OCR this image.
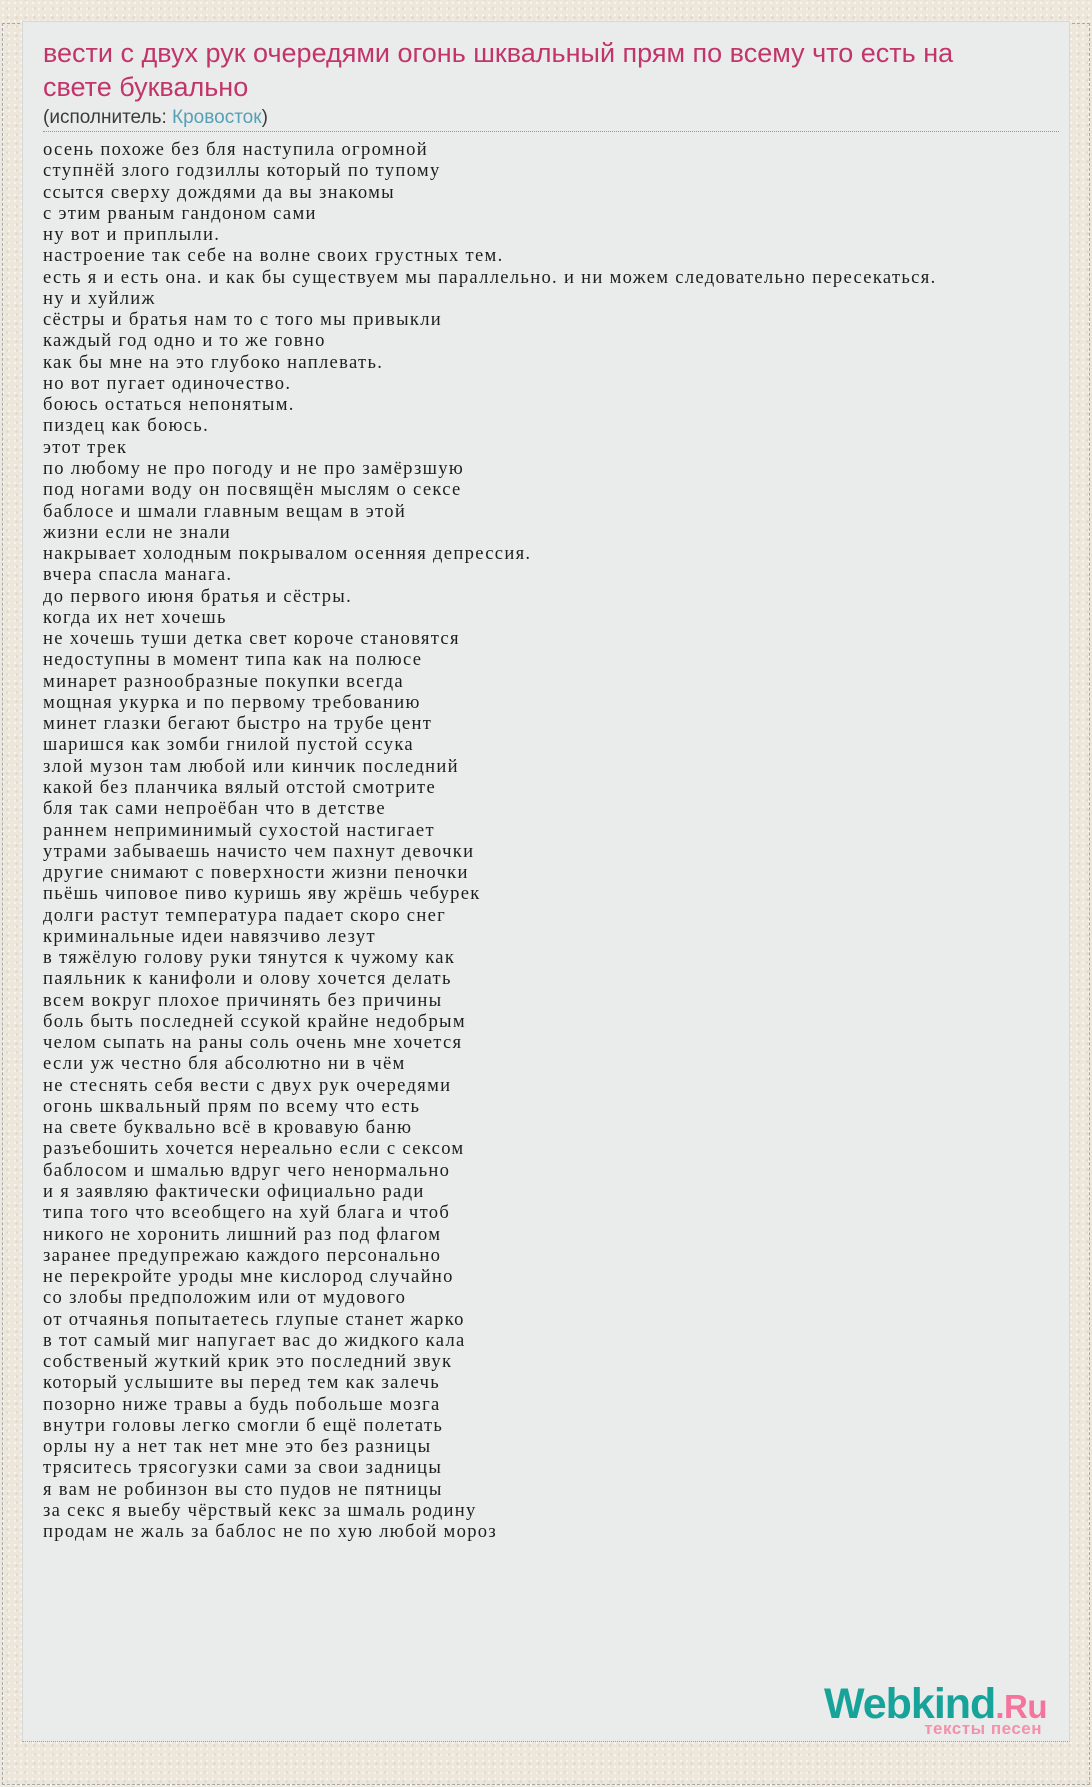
вести с двух рук очередями огонь шквальный прям по всему что есть на свете буквально
(исполнитель: Кровосток)
осень похоже без бля наступила огромной
ступнёй злого годзиллы который по тупому
ссытся сверху дождями да вы знакомы
с этим рваным гандоном сами
ну вот и приплыли.
настроение так себе на волне своих грустных тем.
есть я и есть она. и как бы существуем мы параллельно. и ни можем следовательно пересекаться.
ну и хуйлиж
сёстры и братья нам то с того мы привыкли
каждый год одно и то же говно
как бы мне на это глубоко наплевать.
но вот пугает одиночество.
боюсь остаться непонятым.
пиздец как боюсь.
этот трек
по любому не про погоду и не про замёрзшую
под ногами воду он посвящён мыслям о сексе
баблосе и шмали главным вещам в этой
жизни если не знали
накрывает холодным покрывалом осенняя депрессия.
вчера спасла манага.
до первого июня братья и сёстры.
когда их нет хочешь
не хочешь туши детка свет короче становятся
недоступны в момент типа как на полюсе
минарет разнообразные покупки всегда
мощная укурка и по первому требованию
минет глазки бегают быстро на трубе цент
шаришся как зомби гнилой пустой ссука
злой музон там любой или кинчик последний
какой без планчика вялый отстой смотрите
бля так сами непроёбан что в детстве
раннем неприминимый сухостой настигает
утрами забываешь начисто чем пахнут девочки
другие снимают с поверхности жизни пеночки
пьёшь чиповое пиво куришь яву жрёшь чебурек
долги растут температура падает скоро снег
криминальные идеи навязчиво лезут
в тяжёлую голову руки тянутся к чужому как
паяльник к канифоли и олову хочется делать
всем вокруг плохое причинять без причины
боль быть последней ссукой крайне недобрым
челом сыпать на раны соль очень мне хочется
если уж честно бля абсолютно ни в чём
не стеснять себя вести с двух рук очередями
огонь шквальный прям по всему что есть
на свете буквально всё в кровавую баню
разъебошить хочется нереально если с сексом
баблосом и шмалью вдруг чего ненормально
и я заявляю фактически официально ради
типа того что всеобщего на хуй блага и чтоб
никого не хоронить лишний раз под флагом
заранее предупрежаю каждого персонально
не перекройте уроды мне кислород случайно
со злобы предположим или от мудового
от отчаянья попытаетесь глупые станет жарко
в тот самый миг напугает вас до жидкого кала
собственый жуткий крик это последний звук
который услышите вы перед тем как залечь
позорно ниже травы а будь побольше мозга
внутри головы легко смогли б ещё полетать
орлы ну а нет так нет мне это без разницы
тряситесь трясогузки сами за свои задницы
я вам не робинзон вы сто пудов не пятницы
за секс я выебу чёрствый кекс за шмаль родину
продам не жаль за баблос не по хую любой мороз
Webkind.Ru
тексты песен
